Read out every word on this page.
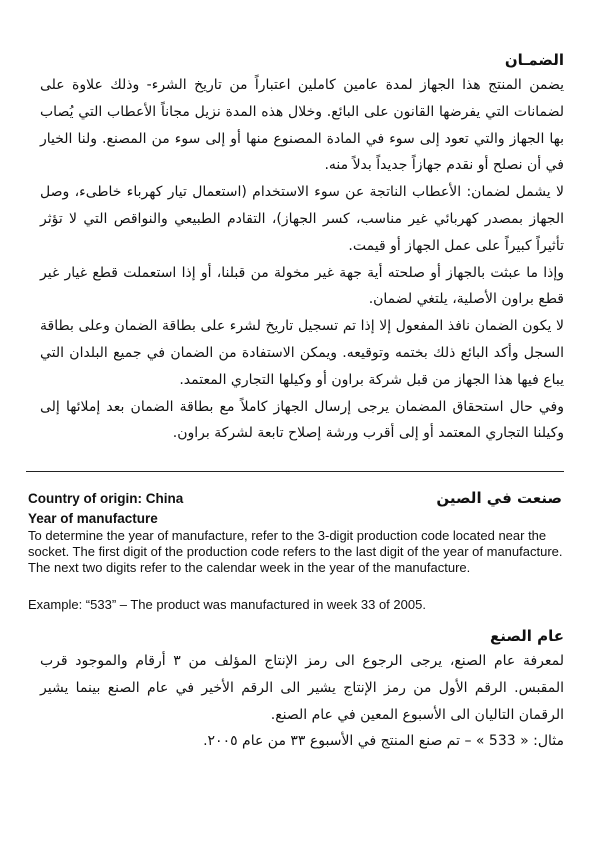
الضمـان

يضمن المنتج هذا الجهاز لمدة عامين كاملين اعتباراً من تاريخ الشرء- وذلك علاوة على لضمانات التي يفرضها القانون على البائع. وخلال هذه المدة نزيل مجاناً الأعطاب التي يُصاب بها الجهاز والتي تعود إلى سوء في المادة المصنوع منها أو إلى سوء من المصنع. ولنا الخيار في أن نصلح أو نقدم جهازاً جديداً بدلاً منه.

لا يشمل لضمان: الأعطاب الناتجة عن سوء الاستخدام (استعمال تيار كهرباء خاطىء، وصل الجهاز بمصدر كهربائي غير مناسب، كسر الجهاز)، التقادم الطبيعي والنواقص التي لا تؤثر تأثيراً كبيراً على عمل الجهاز أو قيمت.

وإذا ما عبثت بالجهاز أو صلحته أية جهة غير مخولة من قبلنا، أو إذا استعملت قطع غيار غير قطع براون الأصلية، يلتغي لضمان.

لا يكون الضمان نافذ المفعول إلا إذا تم تسجيل تاريخ لشرء على بطاقة الضمان وعلى بطاقة السجل وأكد البائع ذلك بختمه وتوقيعه. ويمكن الاستفادة من الضمان في جميع البلدان التي يباع فيها هذا الجهاز من قبل شركة براون أو وكيلها التجاري المعتمد.

وفي حال استحقاق المضمان يرجى إرسال الجهاز كاملاً مع بطاقة الضمان بعد إملائها إلى وكيلنا التجاري المعتمد أو إلى أقرب ورشة إصلاح تابعة لشركة براون.

Country of origin: China	صنعت في الصين

Year of manufacture

To determine the year of manufacture, refer to the 3-digit production code located near the socket. The first digit of the production code refers to the last digit of the year of manufacture. The next two digits refer to the calendar week in the year of the manufacture.

Example: “533” – The product was manufactured in week 33 of 2005.

عام الصنع

لمعرفة عام الصنع، يرجى الرجوع الى رمز الإنتاج المؤلف من ٣ أرقام والموجود قرب المقبس. الرقم الأول من رمز الإنتاج يشير الى الرقم الأخير في عام الصنع بينما يشير الرقمان التاليان الى الأسبوع المعين في عام الصنع.

مثال: « 533 » – تم صنع المنتج في الأسبوع ٣٣ من عام ٢٠٠٥.
